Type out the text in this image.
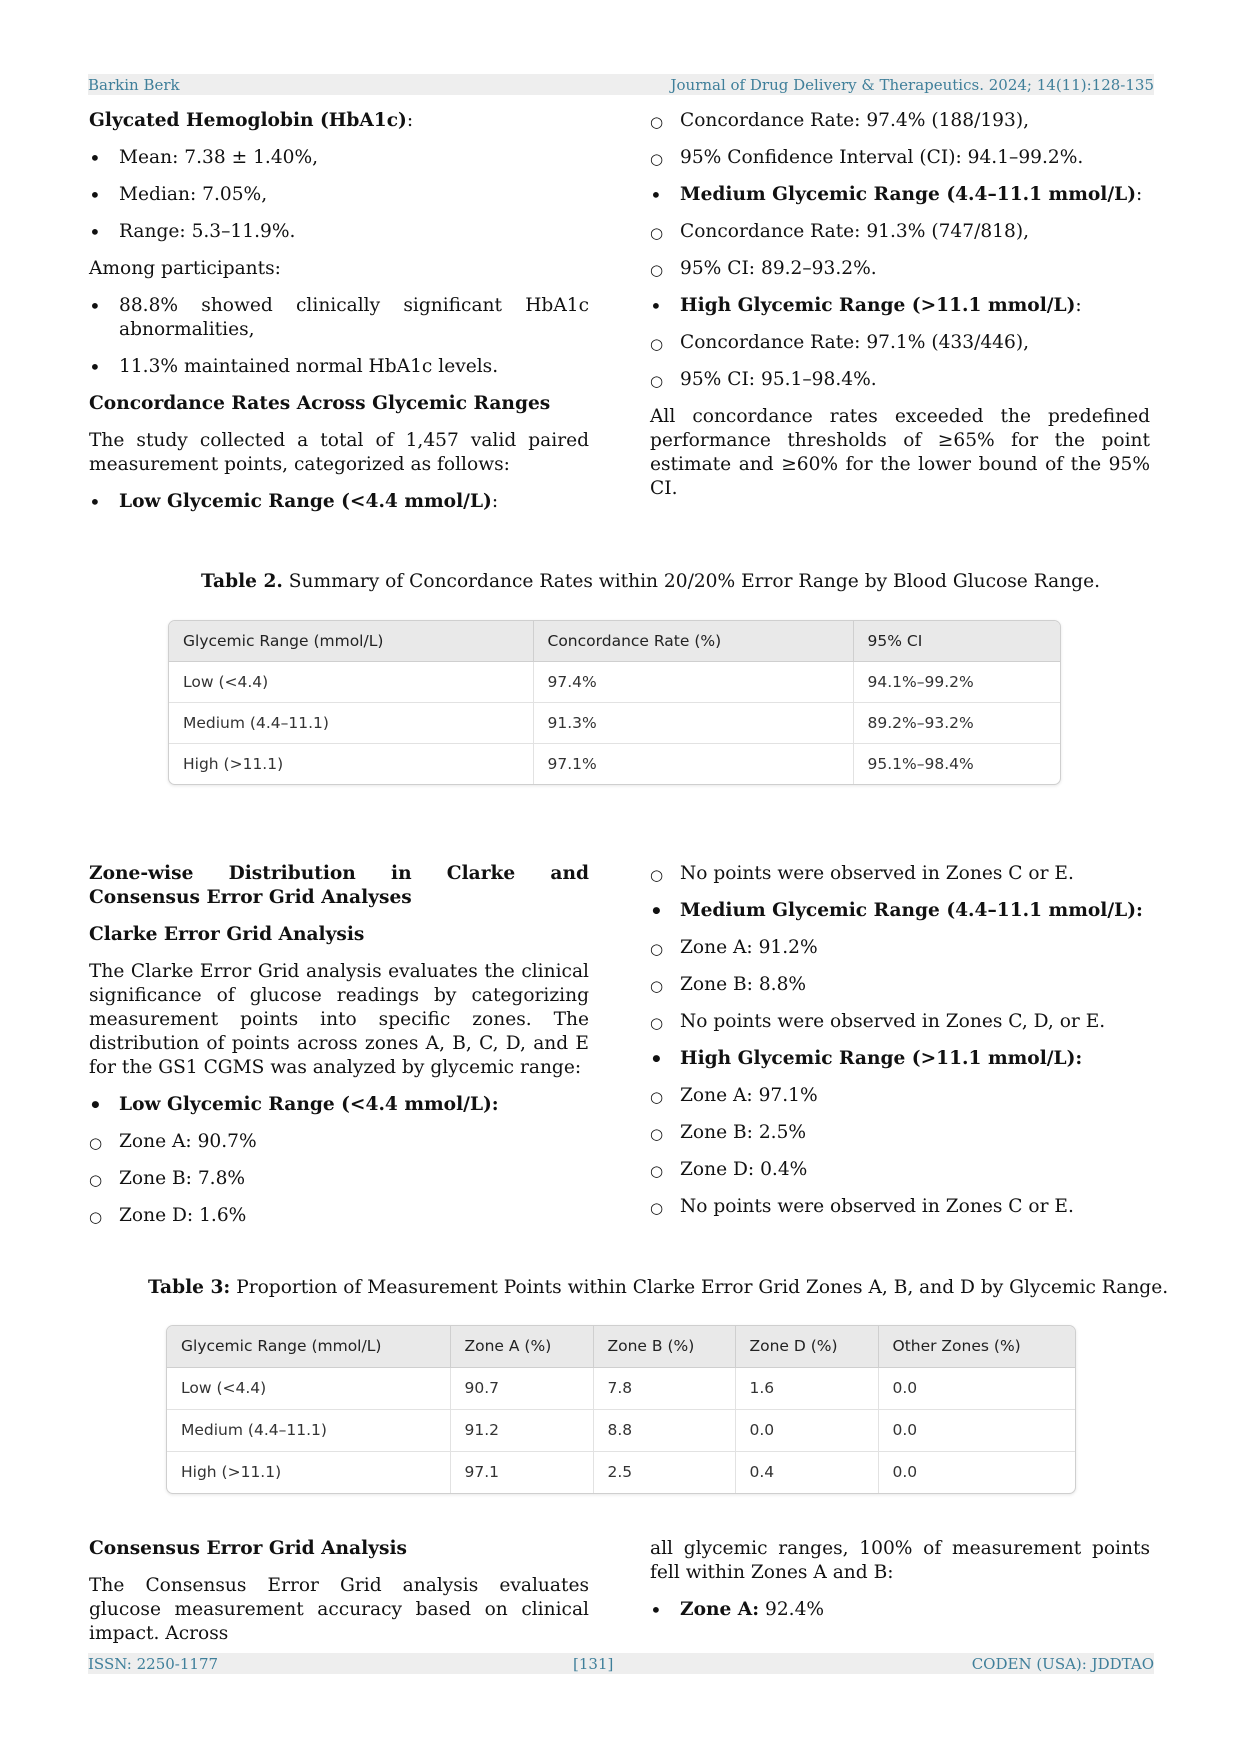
Barkin Berk	Journal of Drug Delivery & Therapeutics. 2024; 14(11):128-135

Glycated Hemoglobin (HbA1c):

• Mean: 7.38 ± 1.40%,
• Median: 7.05%,
• Range: 5.3–11.9%.

Among participants:

• 88.8% showed clinically significant HbA1c abnormalities,
• 11.3% maintained normal HbA1c levels.

Concordance Rates Across Glycemic Ranges

The study collected a total of 1,457 valid paired measurement points, categorized as follows:

• Low Glycemic Range (<4.4 mmol/L):
○ Concordance Rate: 97.4% (188/193),
○ 95% Confidence Interval (CI): 94.1–99.2%.
• Medium Glycemic Range (4.4–11.1 mmol/L):
○ Concordance Rate: 91.3% (747/818),
○ 95% CI: 89.2–93.2%.
• High Glycemic Range (>11.1 mmol/L):
○ Concordance Rate: 97.1% (433/446),
○ 95% CI: 95.1–98.4%.

All concordance rates exceeded the predefined performance thresholds of ≥65% for the point estimate and ≥60% for the lower bound of the 95% CI.

Table 2. Summary of Concordance Rates within 20/20% Error Range by Blood Glucose Range.
Glycemic Range (mmol/L)	Concordance Rate (%)	95% CI
Low (<4.4)	97.4%	94.1%–99.2%
Medium (4.4–11.1)	91.3%	89.2%–93.2%
High (>11.1)	97.1%	95.1%–98.4%

Zone-wise Distribution in Clarke and Consensus Error Grid Analyses

Clarke Error Grid Analysis

The Clarke Error Grid analysis evaluates the clinical significance of glucose readings by categorizing measurement points into specific zones. The distribution of points across zones A, B, C, D, and E for the GS1 CGMS was analyzed by glycemic range:

• Low Glycemic Range (<4.4 mmol/L):
○ Zone A: 90.7%
○ Zone B: 7.8%
○ Zone D: 1.6%
○ No points were observed in Zones C or E.
• Medium Glycemic Range (4.4–11.1 mmol/L):
○ Zone A: 91.2%
○ Zone B: 8.8%
○ No points were observed in Zones C, D, or E.
• High Glycemic Range (>11.1 mmol/L):
○ Zone A: 97.1%
○ Zone B: 2.5%
○ Zone D: 0.4%
○ No points were observed in Zones C or E.
Table 3: Proportion of Measurement Points within Clarke Error Grid Zones A, B, and D by Glycemic Range.
Glycemic Range (mmol/L)	Zone A (%)	Zone B (%)	Zone D (%)	Other Zones (%)
Low (<4.4)	90.7	7.8	1.6	0.0
Medium (4.4–11.1)	91.2	8.8	0.0	0.0
High (>11.1)	97.1	2.5	0.4	0.0

Consensus Error Grid Analysis

The Consensus Error Grid analysis evaluates glucose measurement accuracy based on clinical impact. Across

all glycemic ranges, 100% of measurement points fell within Zones A and B:

• Zone A: 92.4%
ISSN: 2250-1177	[131]	CODEN (USA): JDDTAO
